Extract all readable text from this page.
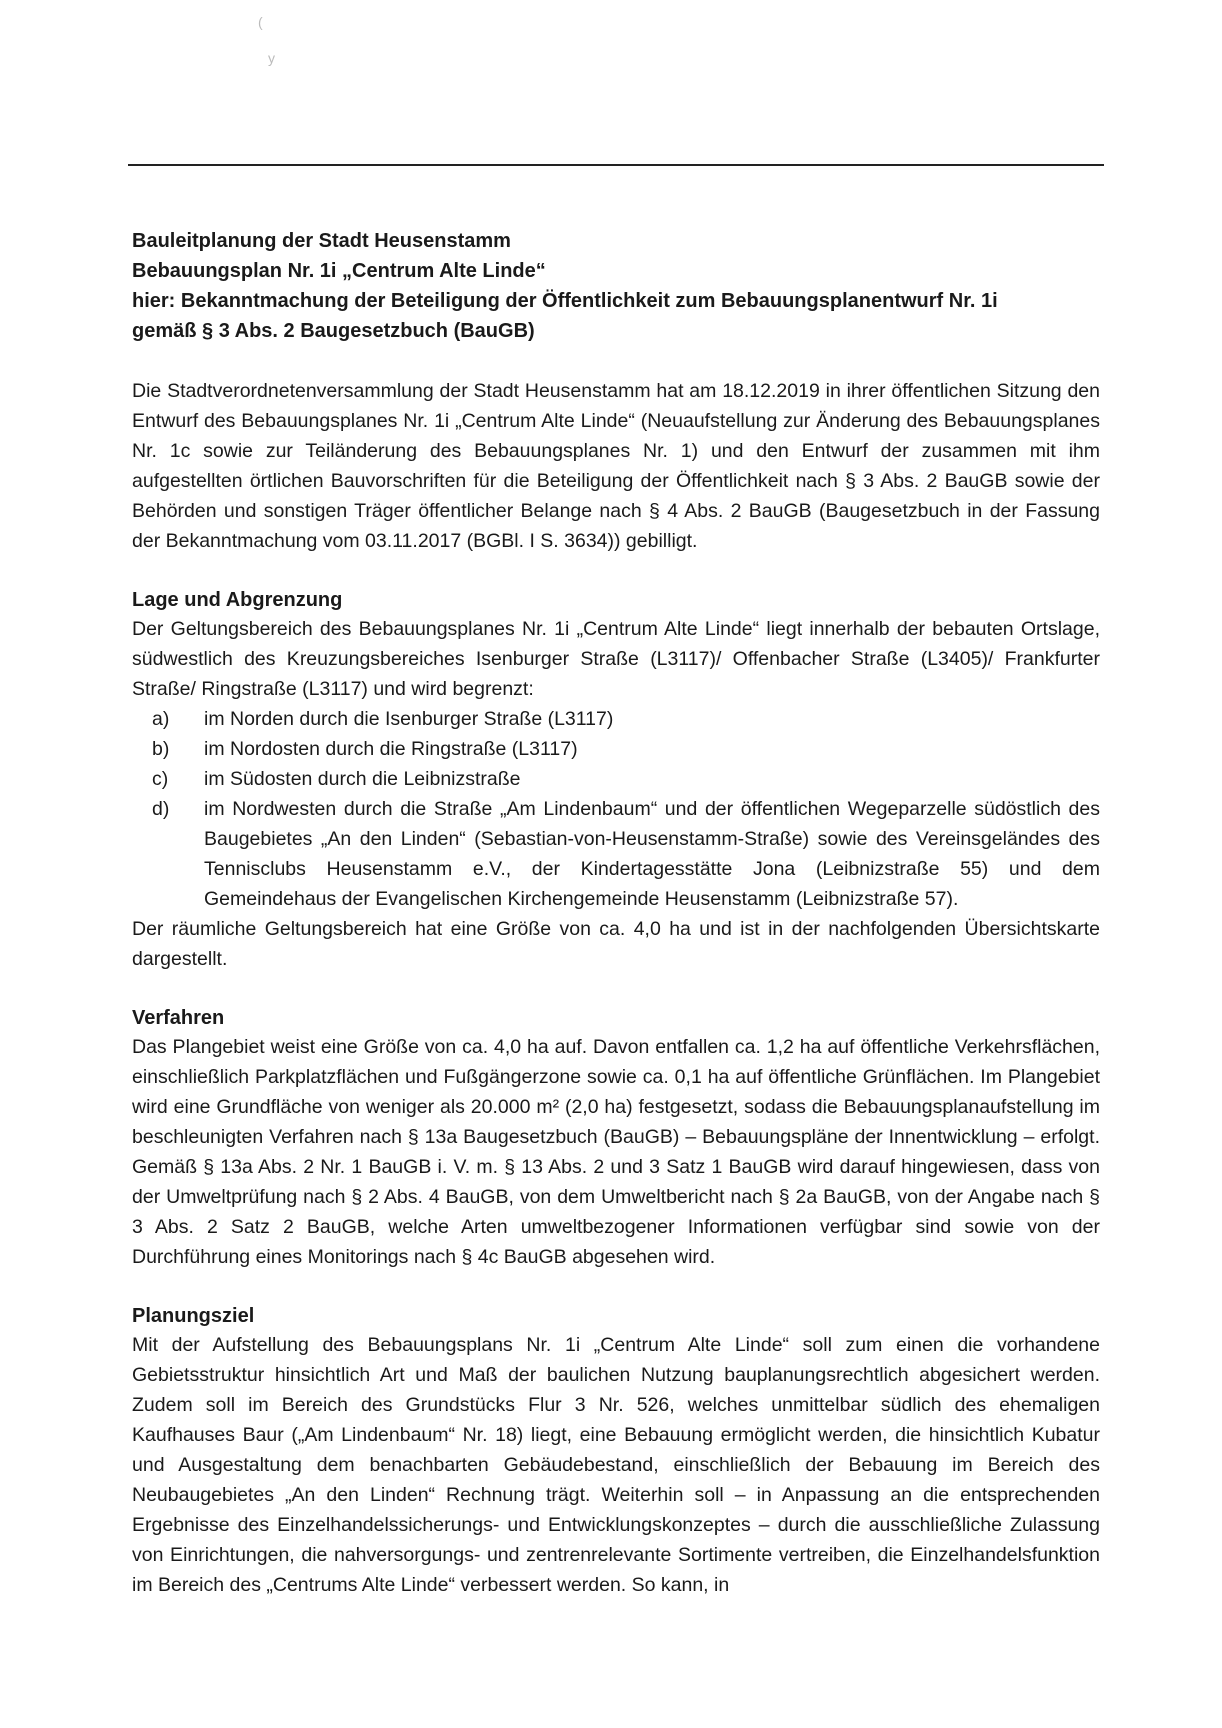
(
y
Bauleitplanung der Stadt Heusenstamm
Bebauungsplan Nr. 1i „Centrum Alte Linde“
hier: Bekanntmachung der Beteiligung der Öffentlichkeit zum Bebauungsplanentwurf Nr. 1i
gemäß § 3 Abs. 2 Baugesetzbuch (BauGB)

Die Stadtverordnetenversammlung der Stadt Heusenstamm hat am 18.12.2019 in ihrer öffentlichen Sitzung den Entwurf des Bebauungsplanes Nr. 1i „Centrum Alte Linde“ (Neuaufstellung zur Änderung des Bebauungsplanes Nr. 1c sowie zur Teiländerung des Bebauungsplanes Nr. 1) und den Entwurf der zusammen mit ihm aufgestellten örtlichen Bauvorschriften für die Beteiligung der Öffentlichkeit nach § 3 Abs. 2 BauGB sowie der Behörden und sonstigen Träger öffentlicher Belange nach § 4 Abs. 2 BauGB (Baugesetzbuch in der Fassung der Bekanntmachung vom 03.11.2017 (BGBl. I S. 3634)) gebilligt.

Lage und Abgrenzung

Der Geltungsbereich des Bebauungsplanes Nr. 1i „Centrum Alte Linde“ liegt innerhalb der bebauten Ortslage, südwestlich des Kreuzungsbereiches Isenburger Straße (L3117)/ Offenbacher Straße (L3405)/ Frankfurter Straße/ Ringstraße (L3117) und wird begrenzt:

a)	im Norden durch die Isenburger Straße (L3117)
b)	im Nordosten durch die Ringstraße (L3117)
c)	im Südosten durch die Leibnizstraße
d)	im Nordwesten durch die Straße „Am Lindenbaum“ und der öffentlichen Wegeparzelle südöstlich des Baugebietes „An den Linden“ (Sebastian-von-Heusenstamm-Straße) sowie des Vereinsgeländes des Tennisclubs Heusenstamm e.V., der Kindertagesstätte Jona (Leibnizstraße 55) und dem Gemeindehaus der Evangelischen Kirchengemeinde Heusenstamm (Leibnizstraße 57).

Der räumliche Geltungsbereich hat eine Größe von ca. 4,0 ha und ist in der nachfolgenden Übersichtskarte dargestellt.

Verfahren

Das Plangebiet weist eine Größe von ca. 4,0 ha auf. Davon entfallen ca. 1,2 ha auf öffentliche Verkehrsflächen, einschließlich Parkplatzflächen und Fußgängerzone sowie ca. 0,1 ha auf öffentliche Grünflächen. Im Plangebiet wird eine Grundfläche von weniger als 20.000 m² (2,0 ha) festgesetzt, sodass die Bebauungsplanaufstellung im beschleunigten Verfahren nach § 13a Baugesetzbuch (BauGB) – Bebauungspläne der Innentwicklung – erfolgt. Gemäß § 13a Abs. 2 Nr. 1 BauGB i. V. m. § 13 Abs. 2 und 3 Satz 1 BauGB wird darauf hingewiesen, dass von der Umweltprüfung nach § 2 Abs. 4 BauGB, von dem Umweltbericht nach § 2a BauGB, von der Angabe nach § 3 Abs. 2 Satz 2 BauGB, welche Arten umweltbezogener Informationen verfügbar sind sowie von der Durchführung eines Monitorings nach § 4c BauGB abgesehen wird.

Planungsziel

Mit der Aufstellung des Bebauungsplans Nr. 1i „Centrum Alte Linde“ soll zum einen die vorhandene Gebietsstruktur hinsichtlich Art und Maß der baulichen Nutzung bauplanungsrechtlich abgesichert werden. Zudem soll im Bereich des Grundstücks Flur 3 Nr. 526, welches unmittelbar südlich des ehemaligen Kaufhauses Baur („Am Lindenbaum“ Nr. 18) liegt, eine Bebauung ermöglicht werden, die hinsichtlich Kubatur und Ausgestaltung dem benachbarten Gebäudebestand, einschließlich der Bebauung im Bereich des Neubaugebietes „An den Linden“ Rechnung trägt. Weiterhin soll – in Anpassung an die entsprechenden Ergebnisse des Einzelhandelssicherungs- und Entwicklungskonzeptes – durch die ausschließliche Zulassung von Einrichtungen, die nahversorgungs- und zentrenrelevante Sortimente vertreiben, die Einzelhandelsfunktion im Bereich des „Centrums Alte Linde“ verbessert werden. So kann, in
